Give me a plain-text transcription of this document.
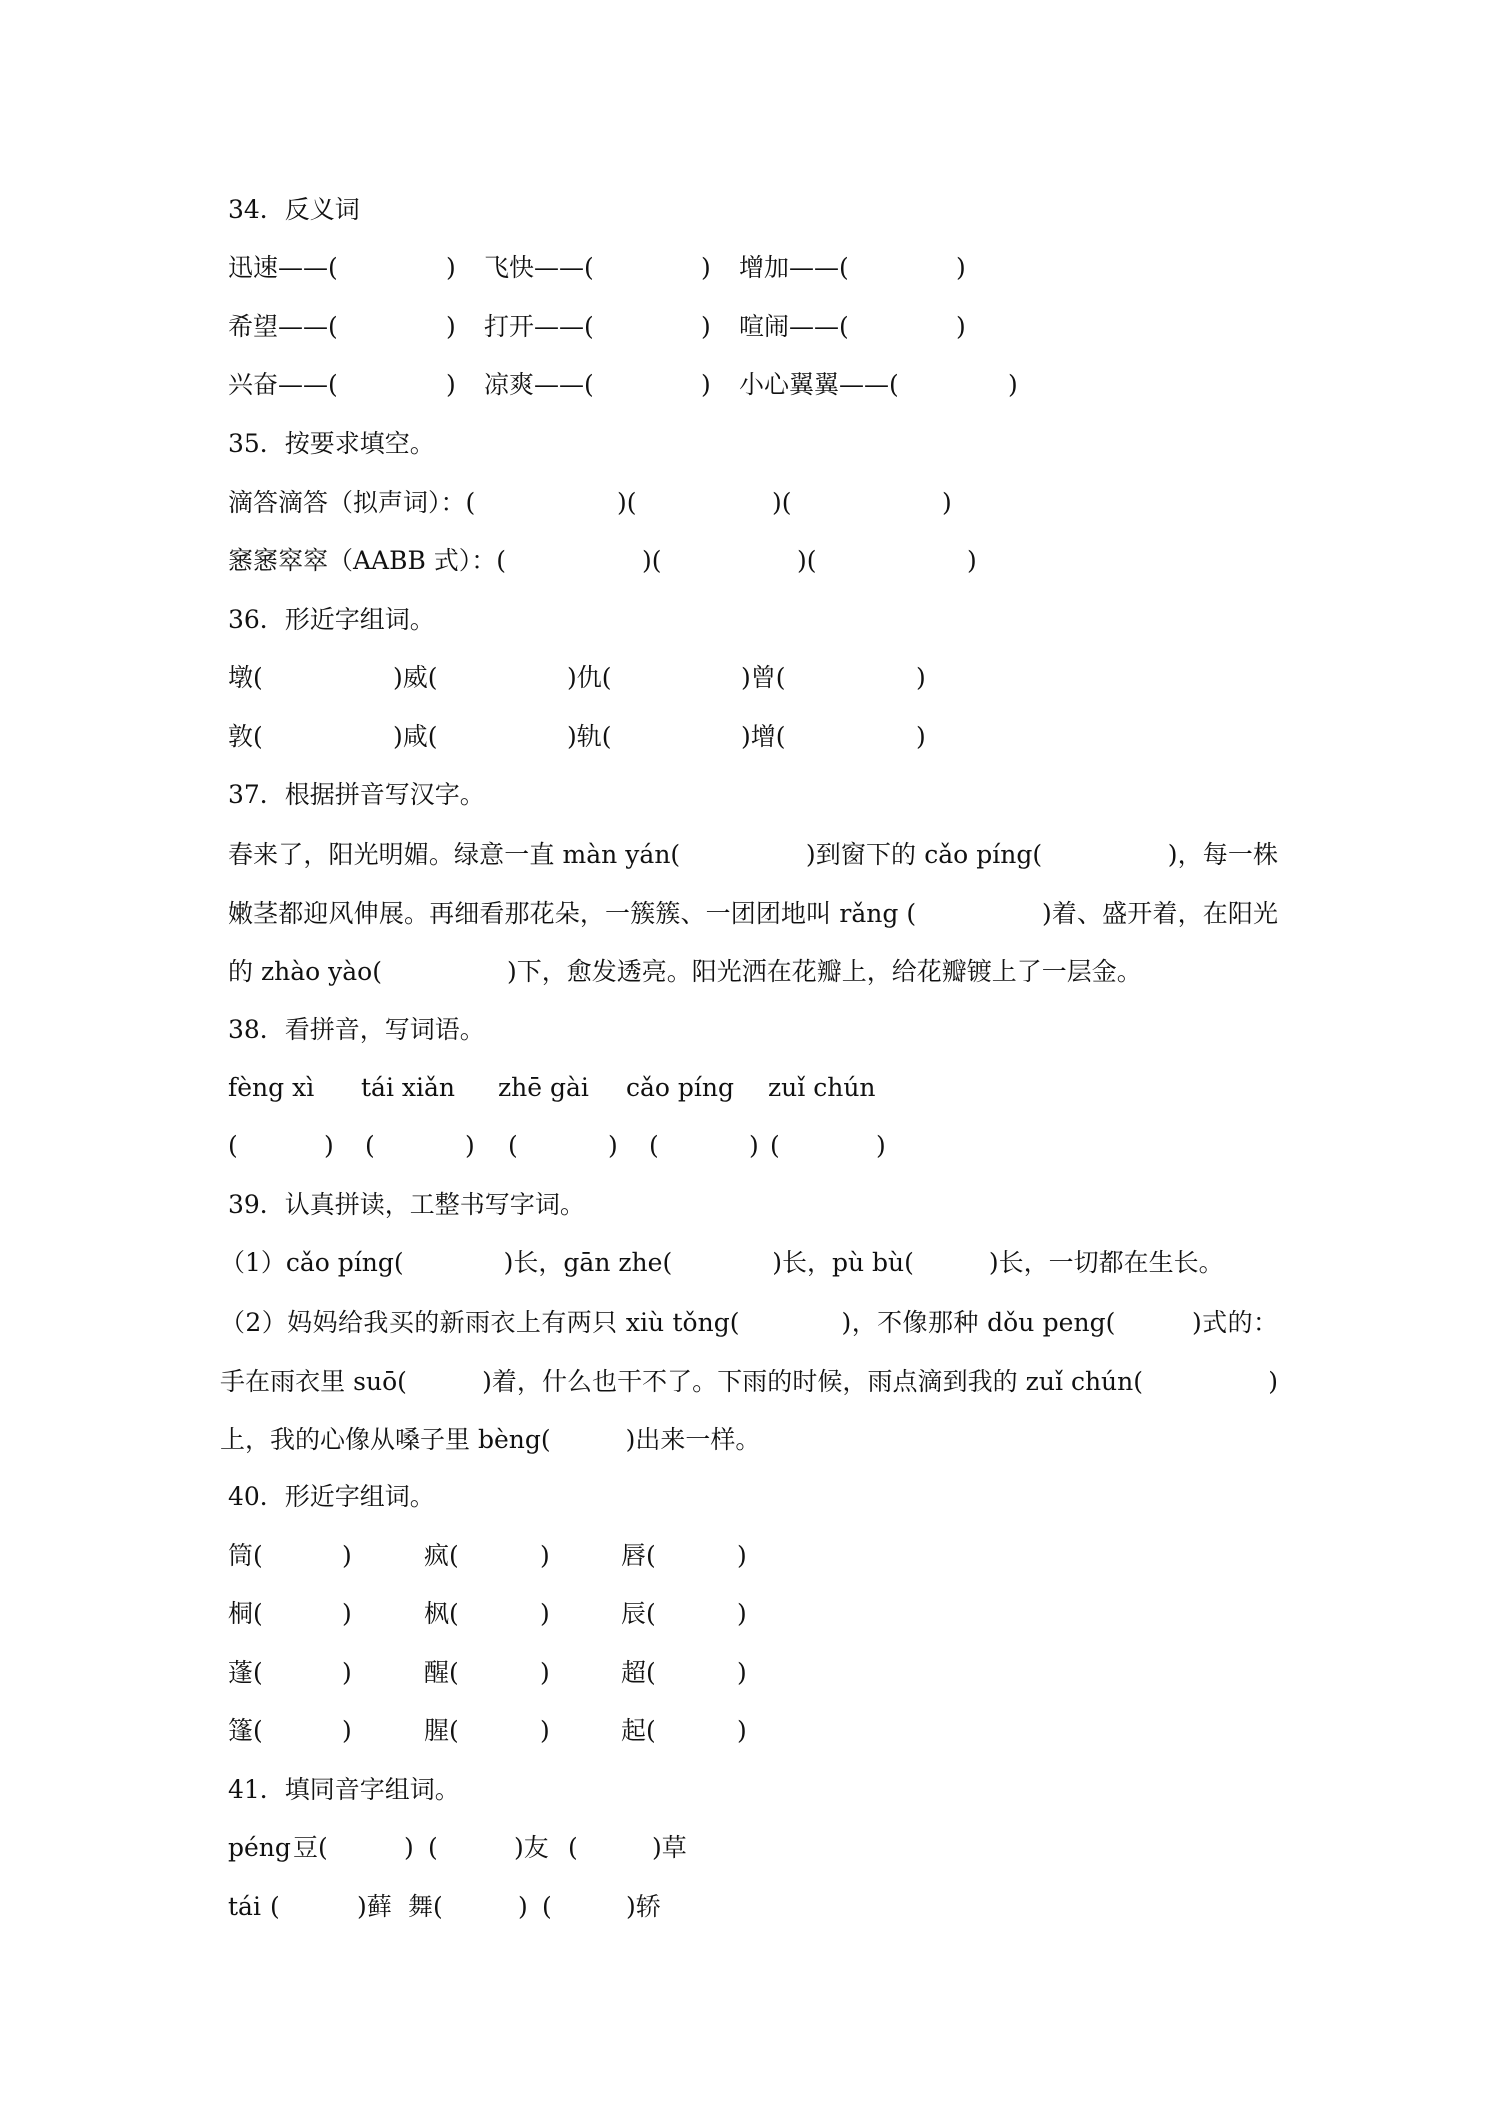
34．反义词
迅速——(	) 飞快——(	) 增加——(	)
希望——(	) 打开——(	) 喧闹——(	)
兴奋——(	) 凉爽——(	) 小心翼翼——(	)
35．按要求填空。
滴答滴答（拟声词）：(	)(	)(	)
窸窸窣窣（AABB 式）：(	)(	)(	)
36．形近字组词。
墩(	)威(	)仇(	)曾(	)
敦(	)咸(	)轨(	)增(	)
37．根据拼音写汉字。
春来了，阳光明媚。绿意一直 màn yán(　　　　　)到窗下的 cǎo píng(　　　　　)，每一株嫩茎都迎风伸展。再细看那花朵，一簇簇、一团团地叫 rǎng (　　　　　)着、盛开着，在阳光的 zhào yào(　　　　　)下，愈发透亮。阳光洒在花瓣上，给花瓣镀上了一层金。
38．看拼音，写词语。
fèng xì tái xiǎn zhē gài cǎo píng zuǐ chún
(	) (	) (	) (	) (	)
39．认真拼读，工整书写字词。
（1）cǎo píng(　　　　)长，gān zhe(　　　　)长，pù bù(　　　)长，一切都在生长。
（2）妈妈给我买的新雨衣上有两只 xiù tǒng(　　　　)，不像那种 dǒu peng(　　　)式的：手在雨衣里 suō(　　　)着，什么也干不了。下雨的时候，雨点滴到我的 zuǐ chún(　　　　　)上，我的心像从嗓子里 bèng(　　　)出来一样。
40．形近字组词。
筒(	)	疯(	)	唇(	)
桐(	)	枫(	)	辰(	)
蓬(	)	醒(	)	超(	)
篷(	)	腥(	)	起(	)
41．填同音字组词。
péng 豆(	) (	)友 (	)草
tái (	)藓 舞(	) (	)轿
